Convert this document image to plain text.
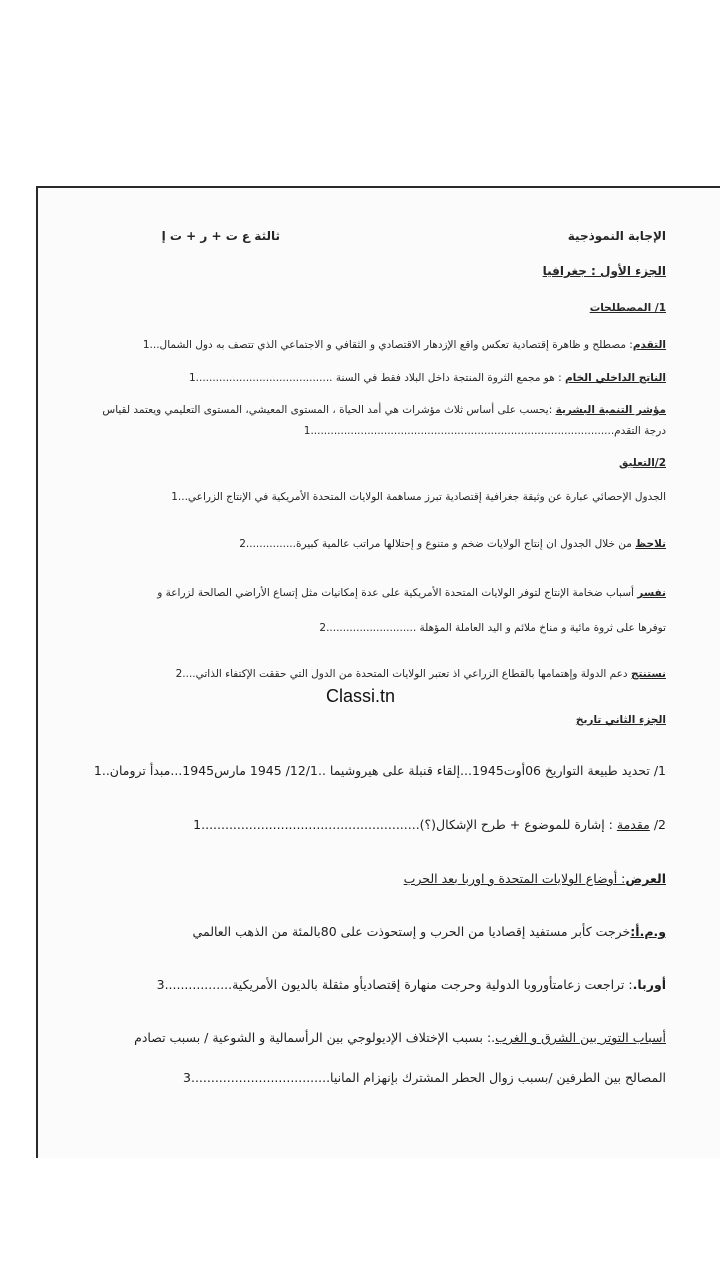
الإجابة النموذجية
ثالثة ع ت + ر + ت إ
الجزء الأول : جغرافيا
1/ المصطلحات
التقدم: مصطلح و ظاهرة إقتصادية تعكس واقع الإزدهار الاقتصادي و الثقافي و الاجتماعي الذي تتصف به دول الشمال...1
الناتج الداخلي الخام : هو مجمع الثروة المنتجة داخل البلاد فقط في السنة .........................................1
مؤشر التنمية البشرية :يحسب على أساس ثلاث مؤشرات هي أمد الحياة ، المستوى المعيشي، المستوى التعليمي ويعتمد لقياس
درجة التقدم...........................................................................................1
2/التعليق
الجدول الإحصائي عبارة عن وثيقة جغرافية إقتصادية تبرز مساهمة الولايات المتحدة الأمريكية في الإنتاج الزراعي...1
نلاحظ من خلال الجدول ان إنتاج الولايات ضخم و متنوع و إحتلالها مراتب عالمية كبيرة...............2
نفسر أسباب ضخامة الإنتاج لتوفر الولايات المتحدة الأمريكية على عدة إمكانيات مثل إتساع الأراضي الصالحة لزراعة و
توفرها على ثروة مائية و مناخ ملائم و اليد العاملة المؤهلة ...........................2
نستنتج دعم الدولة وإهتمامها بالقطاع الزراعي اذ تعتبر الولايات المتحدة من الدول التي حققت الإكتفاء الذاتي....2
Classi.tn
الجزء الثاني تاريخ
1/ تحديد طبيعة التواريخ 06أوت1945...إلقاء قنبلة على هيروشيما ..12/1/ 1945 مارس1945...مبدأ ترومان..1
2/ مقدمة : إشارة للموضوع + طرح الإشكال(؟).......................................................1
العرض: أوضاع الولايات المتحدة و اوربا بعد الحرب
و.م.أ:خرجت كأبر مستفيد إقصاديا من الحرب و إستحوذت على 80بالمئة من الذهب العالمي
أوربا.: تراجعت زعامتأوروبا الدولية وحرجت منهارة إقتصاديأو مثقلة بالديون الأمريكية.................3
أسباب التوتر بين الشرق و الغرب.: بسبب الإختلاف الإديولوجي بين الرأسمالية و الشوعية / بسبب تصادم
المصالح بين الطرفين /بسبب زوال الحطر المشترك بإنهزام المانيا...................................3
